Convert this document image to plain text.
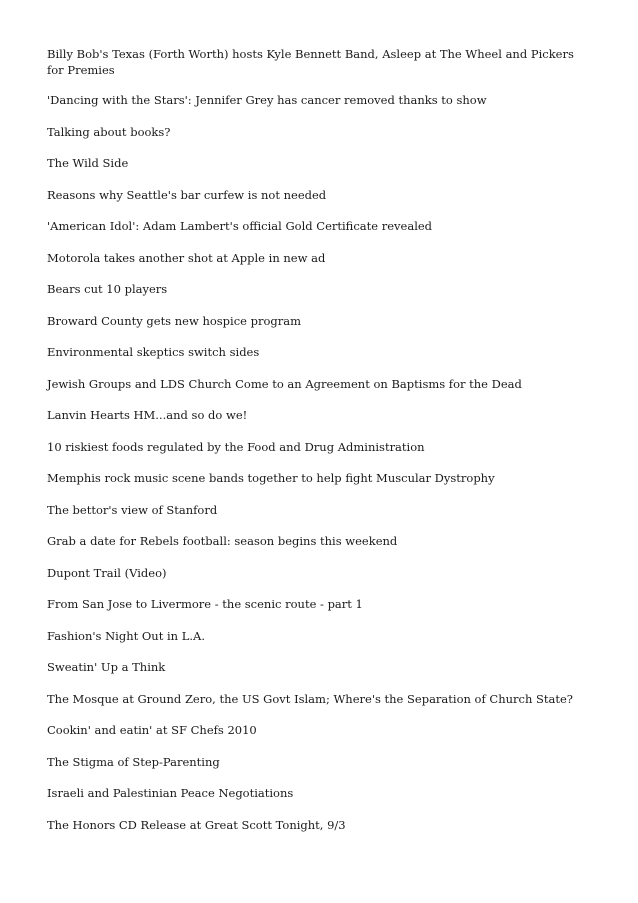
Billy Bob's Texas (Forth Worth) hosts Kyle Bennett Band, Asleep at The Wheel and Pickers for Premies
'Dancing with the Stars': Jennifer Grey has cancer removed thanks to show
Talking about books?
The Wild Side
Reasons why Seattle's bar curfew is not needed
'American Idol': Adam Lambert's official Gold Certificate revealed
Motorola takes another shot at Apple in new ad
Bears cut 10 players
Broward County gets new hospice program
Environmental skeptics switch sides
Jewish Groups and LDS Church Come to an Agreement on Baptisms for the Dead
Lanvin Hearts HM...and so do we!
10 riskiest foods regulated by the Food and Drug Administration
Memphis rock music scene bands together to help fight Muscular Dystrophy
The bettor's view of Stanford
Grab a date for Rebels football: season begins this weekend
Dupont Trail (Video)
From San Jose to Livermore - the scenic route - part 1
Fashion's Night Out in L.A.
Sweatin' Up a Think
The Mosque at Ground Zero, the US Govt Islam; Where's the Separation of Church State?
Cookin' and eatin' at SF Chefs 2010
The Stigma of Step-Parenting
Israeli and Palestinian Peace Negotiations
The Honors CD Release at Great Scott Tonight, 9/3
